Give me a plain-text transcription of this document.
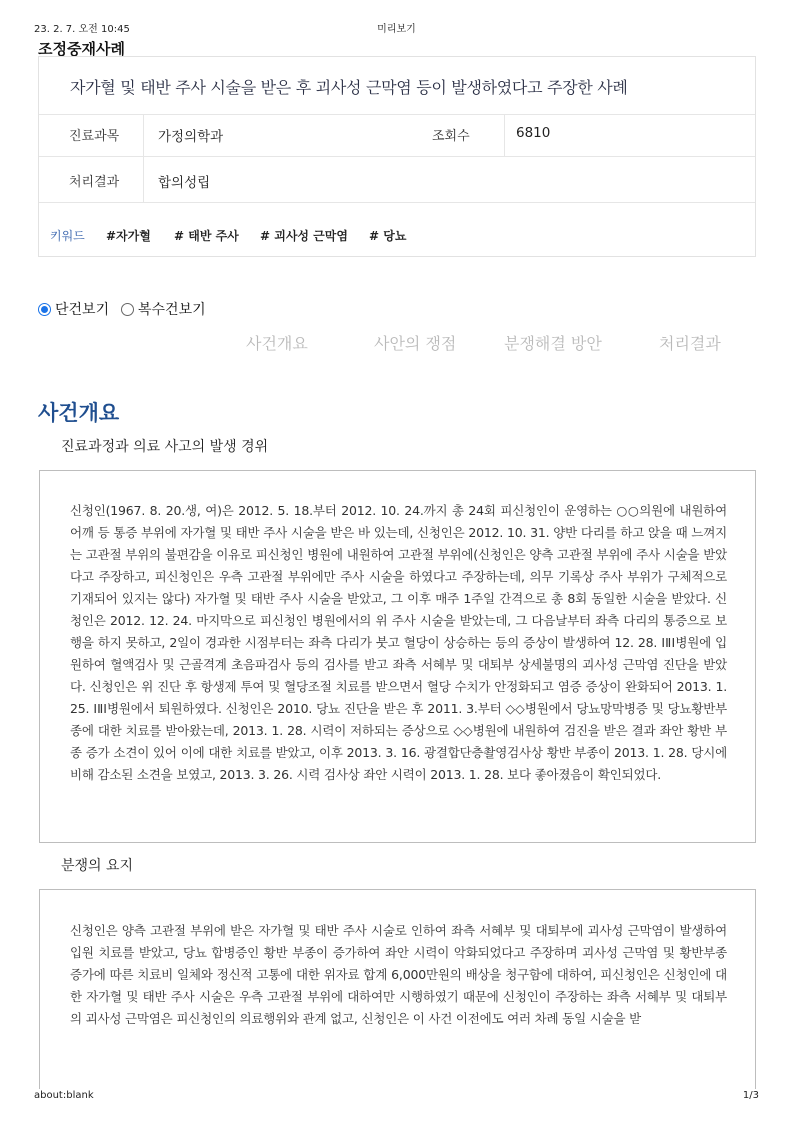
23. 2. 7. 오전 10:45	미리보기
조정중재사례
자가혈 및 태반 주사 시술을 받은 후 괴사성 근막염 등이 발생하였다고 주장한 사례
진료과목	가정의학과	조회수	6810
처리결과	합의성립
키워드 #자가혈 # 태반 주사 # 괴사성 근막염 # 당뇨
단건보기 복수건보기
사건개요	사안의 쟁점	분쟁해결 방안	처리결과
사건개요
진료과정과 의료 사고의 발생 경위

신청인(1967. 8. 20.생, 여)은 2012. 5. 18.부터 2012. 10. 24.까지 총 24회 피신청인이 운영하는 ○○의원에 내원하여 어깨 등 통증 부위에 자가혈 및 태반 주사 시술을 받은 바 있는데, 신청인은 2012. 10. 31. 양반 다리를 하고 앉을 때 느껴지는 고관절 부위의 불편감을 이유로 피신청인 병원에 내원하여 고관절 부위에(신청인은 양측 고관절 부위에 주사 시술을 받았다고 주장하고, 피신청인은 우측 고관절 부위에만 주사 시술을 하였다고 주장하는데, 의무 기록상 주사 부위가 구체적으로 기재되어 있지는 않다) 자가혈 및 태반 주사 시술을 받았고, 그 이후 매주 1주일 간격으로 총 8회 동일한 시술을 받았다. 신청인은 2012. 12. 24. 마지막으로 피신청인 병원에서의 위 주사 시술을 받았는데, 그 다음날부터 좌측 다리의 통증으로 보행을 하지 못하고, 2일이 경과한 시점부터는 좌측 다리가 붓고 혈당이 상승하는 등의 증상이 발생하여 12. 28. ⅠⅡⅠ병원에 입원하여 혈액검사 및 근골격계 초음파검사 등의 검사를 받고 좌측 서혜부 및 대퇴부 상세불명의 괴사성 근막염 진단을 받았다. 신청인은 위 진단 후 항생제 투여 및 혈당조절 치료를 받으면서 혈당 수치가 안정화되고 염증 증상이 완화되어 2013. 1. 25. ⅠⅡⅠ병원에서 퇴원하였다. 신청인은 2010. 당뇨 진단을 받은 후 2011. 3.부터 ◇◇병원에서 당뇨망막병증 및 당뇨황반부종에 대한 치료를 받아왔는데, 2013. 1. 28. 시력이 저하되는 증상으로 ◇◇병원에 내원하여 검진을 받은 결과 좌안 황반 부종 증가 소견이 있어 이에 대한 치료를 받았고, 이후 2013. 3. 16. 광결합단층촬영검사상 황반 부종이 2013. 1. 28. 당시에 비해 감소된 소견을 보였고, 2013. 3. 26. 시력 검사상 좌안 시력이 2013. 1. 28. 보다 좋아졌음이 확인되었다.

분쟁의 요지

신청인은 양측 고관절 부위에 받은 자가혈 및 태반 주사 시술로 인하여 좌측 서혜부 및 대퇴부에 괴사성 근막염이 발생하여 입원 치료를 받았고, 당뇨 합병증인 황반 부종이 증가하여 좌안 시력이 악화되었다고 주장하며 괴사성 근막염 및 황반부종 증가에 따른 치료비 일체와 정신적 고통에 대한 위자료 합계 6,000만원의 배상을 청구함에 대하여, 피신청인은 신청인에 대한 자가혈 및 태반 주사 시술은 우측 고관절 부위에 대하여만 시행하였기 때문에 신청인이 주장하는 좌측 서혜부 및 대퇴부의 괴사성 근막염은 피신청인의 의료행위와 관계 없고, 신청인은 이 사건 이전에도 여러 차례 동일 시술을 받

about:blank	1/3
